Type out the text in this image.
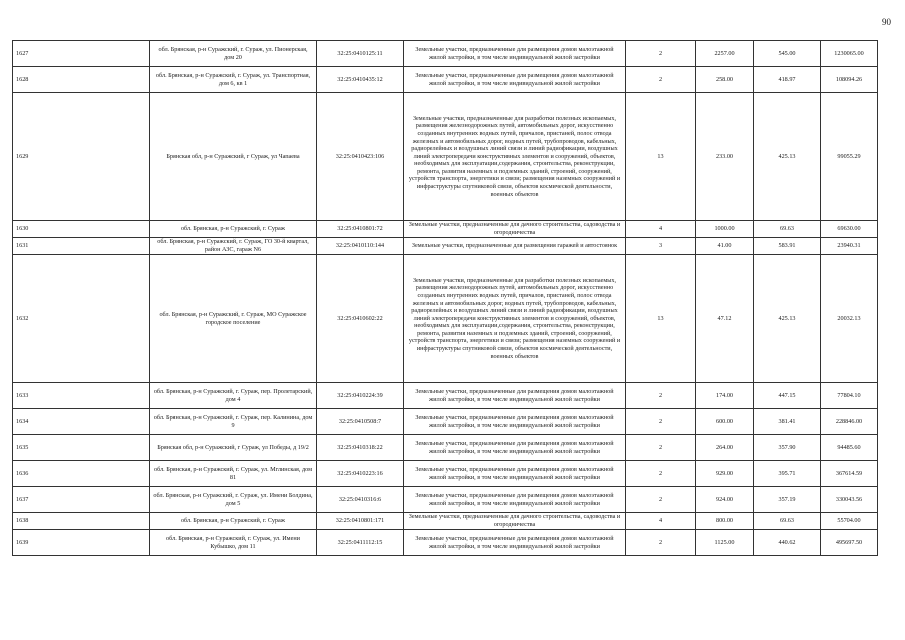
90
1627	обл. Брянская, р-н Суражский, г. Сураж, ул. Пионерская, дом 20	32:25:0410125:11	Земельные участки, предназначенные для размещения домов малоэтажной жилой застройки, в том числе индивидуальной жилой застройки	2	2257.00	545.00	1230065.00
1628	обл. Брянская, р-н Суражский, г. Сураж, ул. Транспортная, дом 6, кв 1	32:25:0410435:12	Земельные участки, предназначенные для размещения домов малоэтажной жилой застройки, в том числе индивидуальной жилой застройки	2	258.00	418.97	108094.26
1629	Брянская обл, р-н Суражский, г Сураж, ул Чапаева	32:25:0410423:106	Земельные участки, предназначенные для разработки полезных ископаемых, размещения железнодорожных путей, автомобильных дорог, искусственно созданных внутренних водных путей, причалов, пристаней, полос отвода железных и автомобильных дорог, водных путей, трубопроводов, кабельных, радиорелейных и воздушных линий связи и линий радиофикации, воздушных линий электропередачи конструктивных элементов и сооружений, объектов, необходимых для эксплуатации,содержания, строительства, реконструкции, ремонта, развития наземных и подземных зданий, строений, сооружений, устройств транспорта, энергетики и связи; размещения наземных сооружений и инфраструктуры спутниковой связи, объектов космической деятельности, военных объектов	13	233.00	425.13	99055.29
1630	обл. Брянская, р-н Суражский, г. Сураж	32:25:0410801:72	Земельные участки, предназначенные для дачного строительства, садоводства и огородничества	4	1000.00	69.63	69630.00
1631	обл. Брянская, р-н Суражский, г. Сураж, ГО 30-й квартал, район АЗС, гараж N6	32:25:0410110:144	Земельные участки, предназначенные для размещения гаражей и автостоянок	3	41.00	583.91	23940.31
1632	обл. Брянская, р-н Суражский, г. Сураж, МО Суражское городское поселение	32:25:0410602:22	Земельные участки, предназначенные для разработки полезных ископаемых, размещения железнодорожных путей, автомобильных дорог, искусственно созданных внутренних водных путей, причалов, пристаней, полос отвода железных и автомобильных дорог, водных путей, трубопроводов, кабельных, радиорелейных и воздушных линий связи и линий радиофикации, воздушных линий электропередачи конструктивных элементов и сооружений, объектов, необходимых для эксплуатации,содержания, строительства, реконструкции, ремонта, развития наземных и подземных зданий, строений, сооружений, устройств транспорта, энергетики и связи; размещения наземных сооружений и инфраструктуры спутниковой связи, объектов космической деятельности, военных объектов	13	47.12	425.13	20032.13
1633	обл. Брянская, р-н Суражский, г. Сураж, пер. Пролетарский, дом 4	32:25:0410224:39	Земельные участки, предназначенные для размещения домов малоэтажной жилой застройки, в том числе индивидуальной жилой застройки	2	174.00	447.15	77804.10
1634	обл. Брянская, р-н Суражский, г. Сураж, пер. Калинина, дом 9	32:25:0410508:7	Земельные участки, предназначенные для размещения домов малоэтажной жилой застройки, в том числе индивидуальной жилой застройки	2	600.00	381.41	228846.00
1635	Брянская обл, р-н Суражский, г Сураж, ул Победы, д 19/2	32:25:0410318:22	Земельные участки, предназначенные для размещения домов малоэтажной жилой застройки, в том числе индивидуальной жилой застройки	2	264.00	357.90	94485.60
1636	обл. Брянская, р-н Суражский, г. Сураж, ул. Мглинская, дом 81	32:25:0410223:16	Земельные участки, предназначенные для размещения домов малоэтажной жилой застройки, в том числе индивидуальной жилой застройки	2	929.00	395.71	367614.59
1637	обл. Брянская, р-н Суражский, г. Сураж, ул. Имени Болдина, дом 5	32:25:0410316:6	Земельные участки, предназначенные для размещения домов малоэтажной жилой застройки, в том числе индивидуальной жилой застройки	2	924.00	357.19	330043.56
1638	обл. Брянская, р-н Суражский, г. Сураж	32:25:0410801:171	Земельные участки, предназначенные для дачного строительства, садоводства и огородничества	4	800.00	69.63	55704.00
1639	обл. Брянская, р-н Суражский, г. Сураж, ул. Имени Кубышко, дом 11	32:25:0411112:15	Земельные участки, предназначенные для размещения домов малоэтажной жилой застройки, в том числе индивидуальной жилой застройки	2	1125.00	440.62	495697.50
